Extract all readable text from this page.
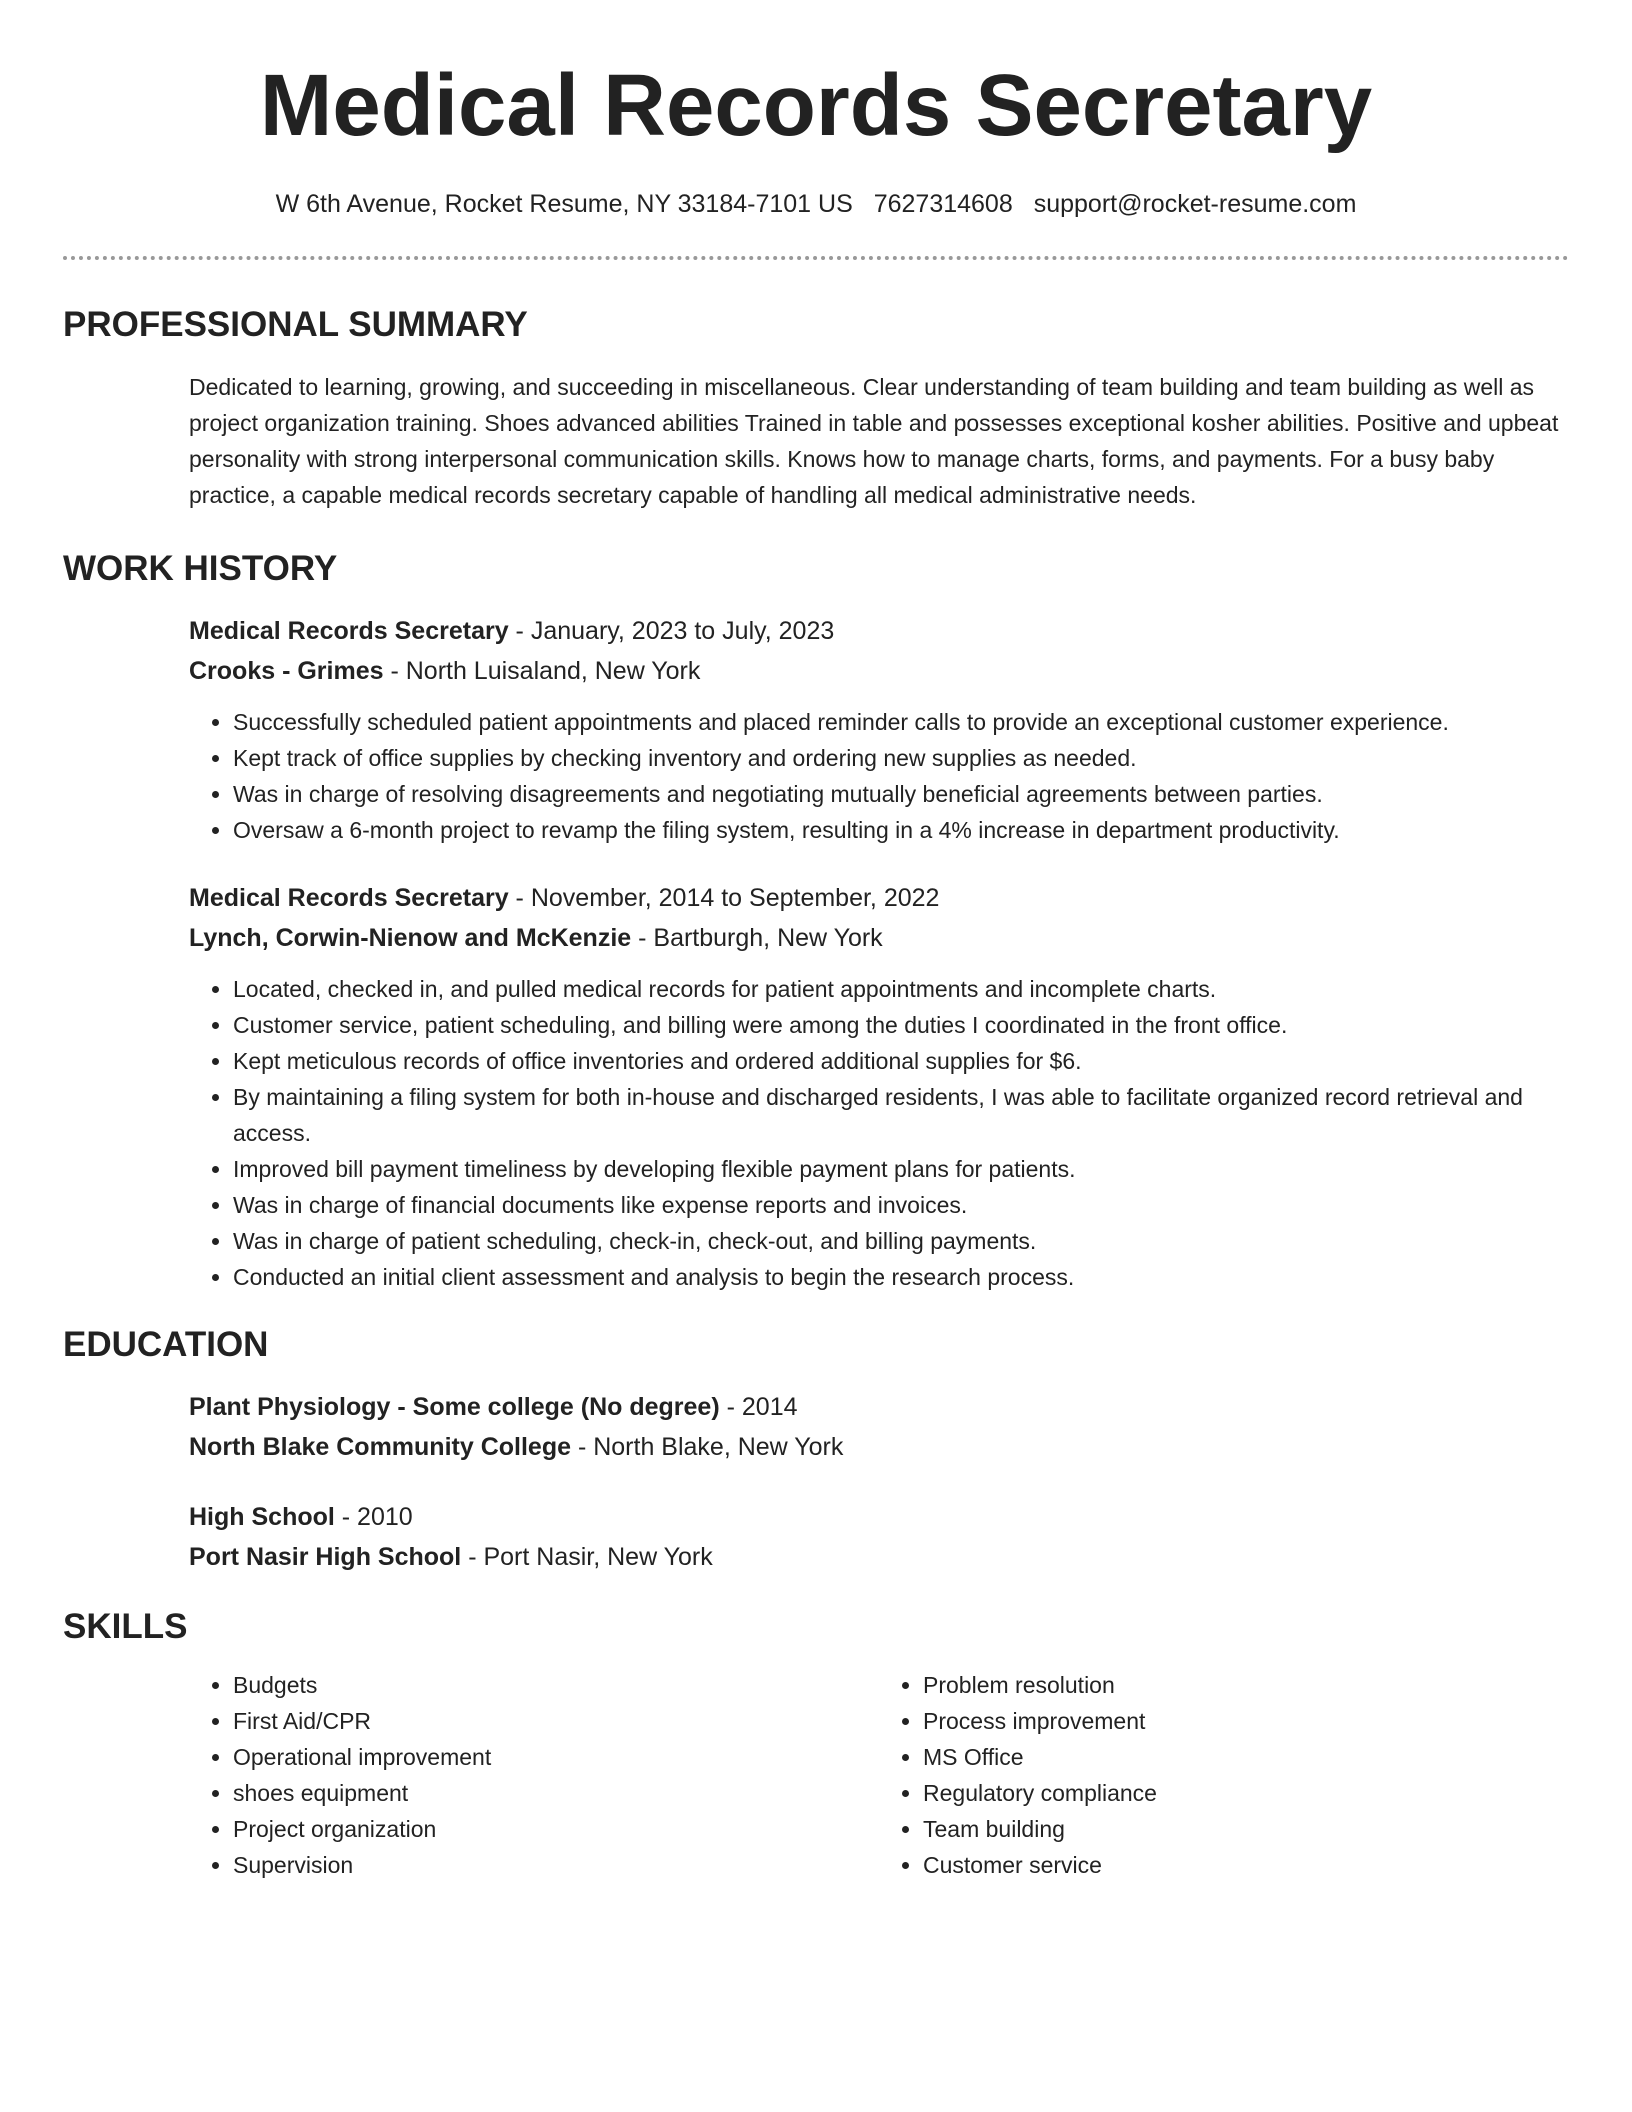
Medical Records Secretary
W 6th Avenue, Rocket Resume, NY 33184-7101 US 7627314608 support@rocket-resume.com
PROFESSIONAL SUMMARY

Dedicated to learning, growing, and succeeding in miscellaneous. Clear understanding of team building and team building as well as project organization training. Shoes advanced abilities Trained in table and possesses exceptional kosher abilities. Positive and upbeat personality with strong interpersonal communication skills. Knows how to manage charts, forms, and payments. For a busy baby practice, a capable medical records secretary capable of handling all medical administrative needs.

WORK HISTORY
Medical Records Secretary - January, 2023 to July, 2023
Crooks - Grimes - North Luisaland, New York
• Successfully scheduled patient appointments and placed reminder calls to provide an exceptional customer experience.
• Kept track of office supplies by checking inventory and ordering new supplies as needed.
• Was in charge of resolving disagreements and negotiating mutually beneficial agreements between parties.
• Oversaw a 6-month project to revamp the filing system, resulting in a 4% increase in department productivity.
Medical Records Secretary - November, 2014 to September, 2022
Lynch, Corwin-Nienow and McKenzie - Bartburgh, New York
• Located, checked in, and pulled medical records for patient appointments and incomplete charts.
• Customer service, patient scheduling, and billing were among the duties I coordinated in the front office.
• Kept meticulous records of office inventories and ordered additional supplies for $6.
• By maintaining a filing system for both in-house and discharged residents, I was able to facilitate organized record retrieval and access.
• Improved bill payment timeliness by developing flexible payment plans for patients.
• Was in charge of financial documents like expense reports and invoices.
• Was in charge of patient scheduling, check-in, check-out, and billing payments.
• Conducted an initial client assessment and analysis to begin the research process.
EDUCATION
Plant Physiology - Some college (No degree) - 2014
North Blake Community College - North Blake, New York
High School - 2010
Port Nasir High School - Port Nasir, New York
SKILLS
• Budgets
• First Aid/CPR
• Operational improvement
• shoes equipment
• Project organization
• Supervision
• Problem resolution
• Process improvement
• MS Office
• Regulatory compliance
• Team building
• Customer service
